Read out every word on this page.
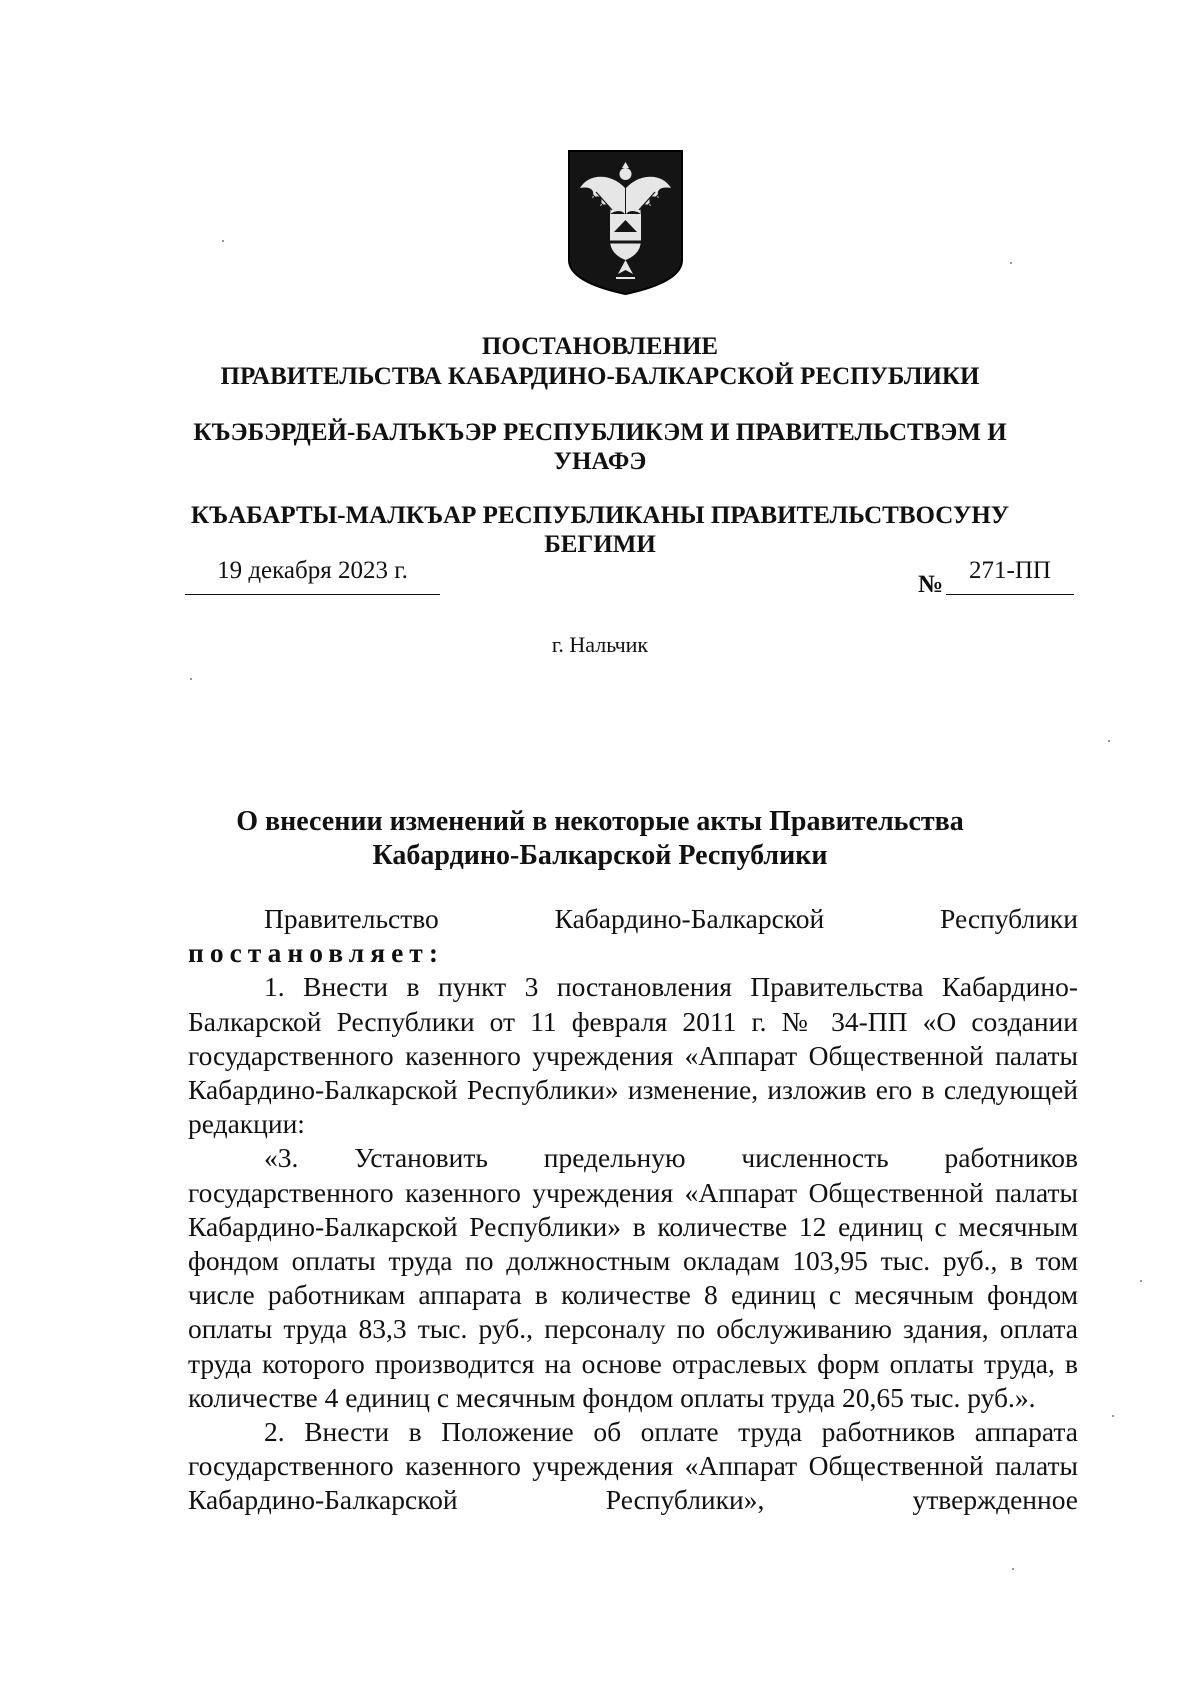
ПОСТАНОВЛЕНИЕ
ПРАВИТЕЛЬСТВА КАБАРДИНО-БАЛКАРСКОЙ РЕСПУБЛИКИ
КЪЭБЭРДЕЙ-БАЛЪКЪЭР РЕСПУБЛИКЭМ И ПРАВИТЕЛЬСТВЭМ И
УНАФЭ
КЪАБАРТЫ-МАЛКЪАР РЕСПУБЛИКАНЫ ПРАВИТЕЛЬСТВОСУНУ
БЕГИМИ
19 декабря 2023 г.
№
271-ПП
г. Нальчик
О внесении изменений в некоторые акты Правительства
Кабардино-Балкарской Республики

Правительство Кабардино-Балкарской Республики

постановляет:

1. Внести в пункт 3 постановления Правительства Кабардино-Балкарской Республики от 11 февраля 2011 г. № 34-ПП «О создании государственного казенного учреждения «Аппарат Общественной палаты Кабардино-Балкарской Республики» изменение, изложив его в следующей редакции:

«3. Установить предельную численность работников государственного казенного учреждения «Аппарат Общественной палаты Кабардино-Балкарской Республики» в количестве 12 единиц с месячным фондом оплаты труда по должностным окладам 103,95 тыс. руб., в том числе работникам аппарата в количестве 8 единиц с месячным фондом оплаты труда 83,3 тыс. руб., персоналу по обслуживанию здания, оплата труда которого производится на основе отраслевых форм оплаты труда, в количестве 4 единиц с месячным фондом оплаты труда 20,65 тыс. руб.».

2. Внести в Положение об оплате труда работников аппарата государственного казенного учреждения «Аппарат Общественной палаты Кабардино-Балкарской Республики», утвержденное
